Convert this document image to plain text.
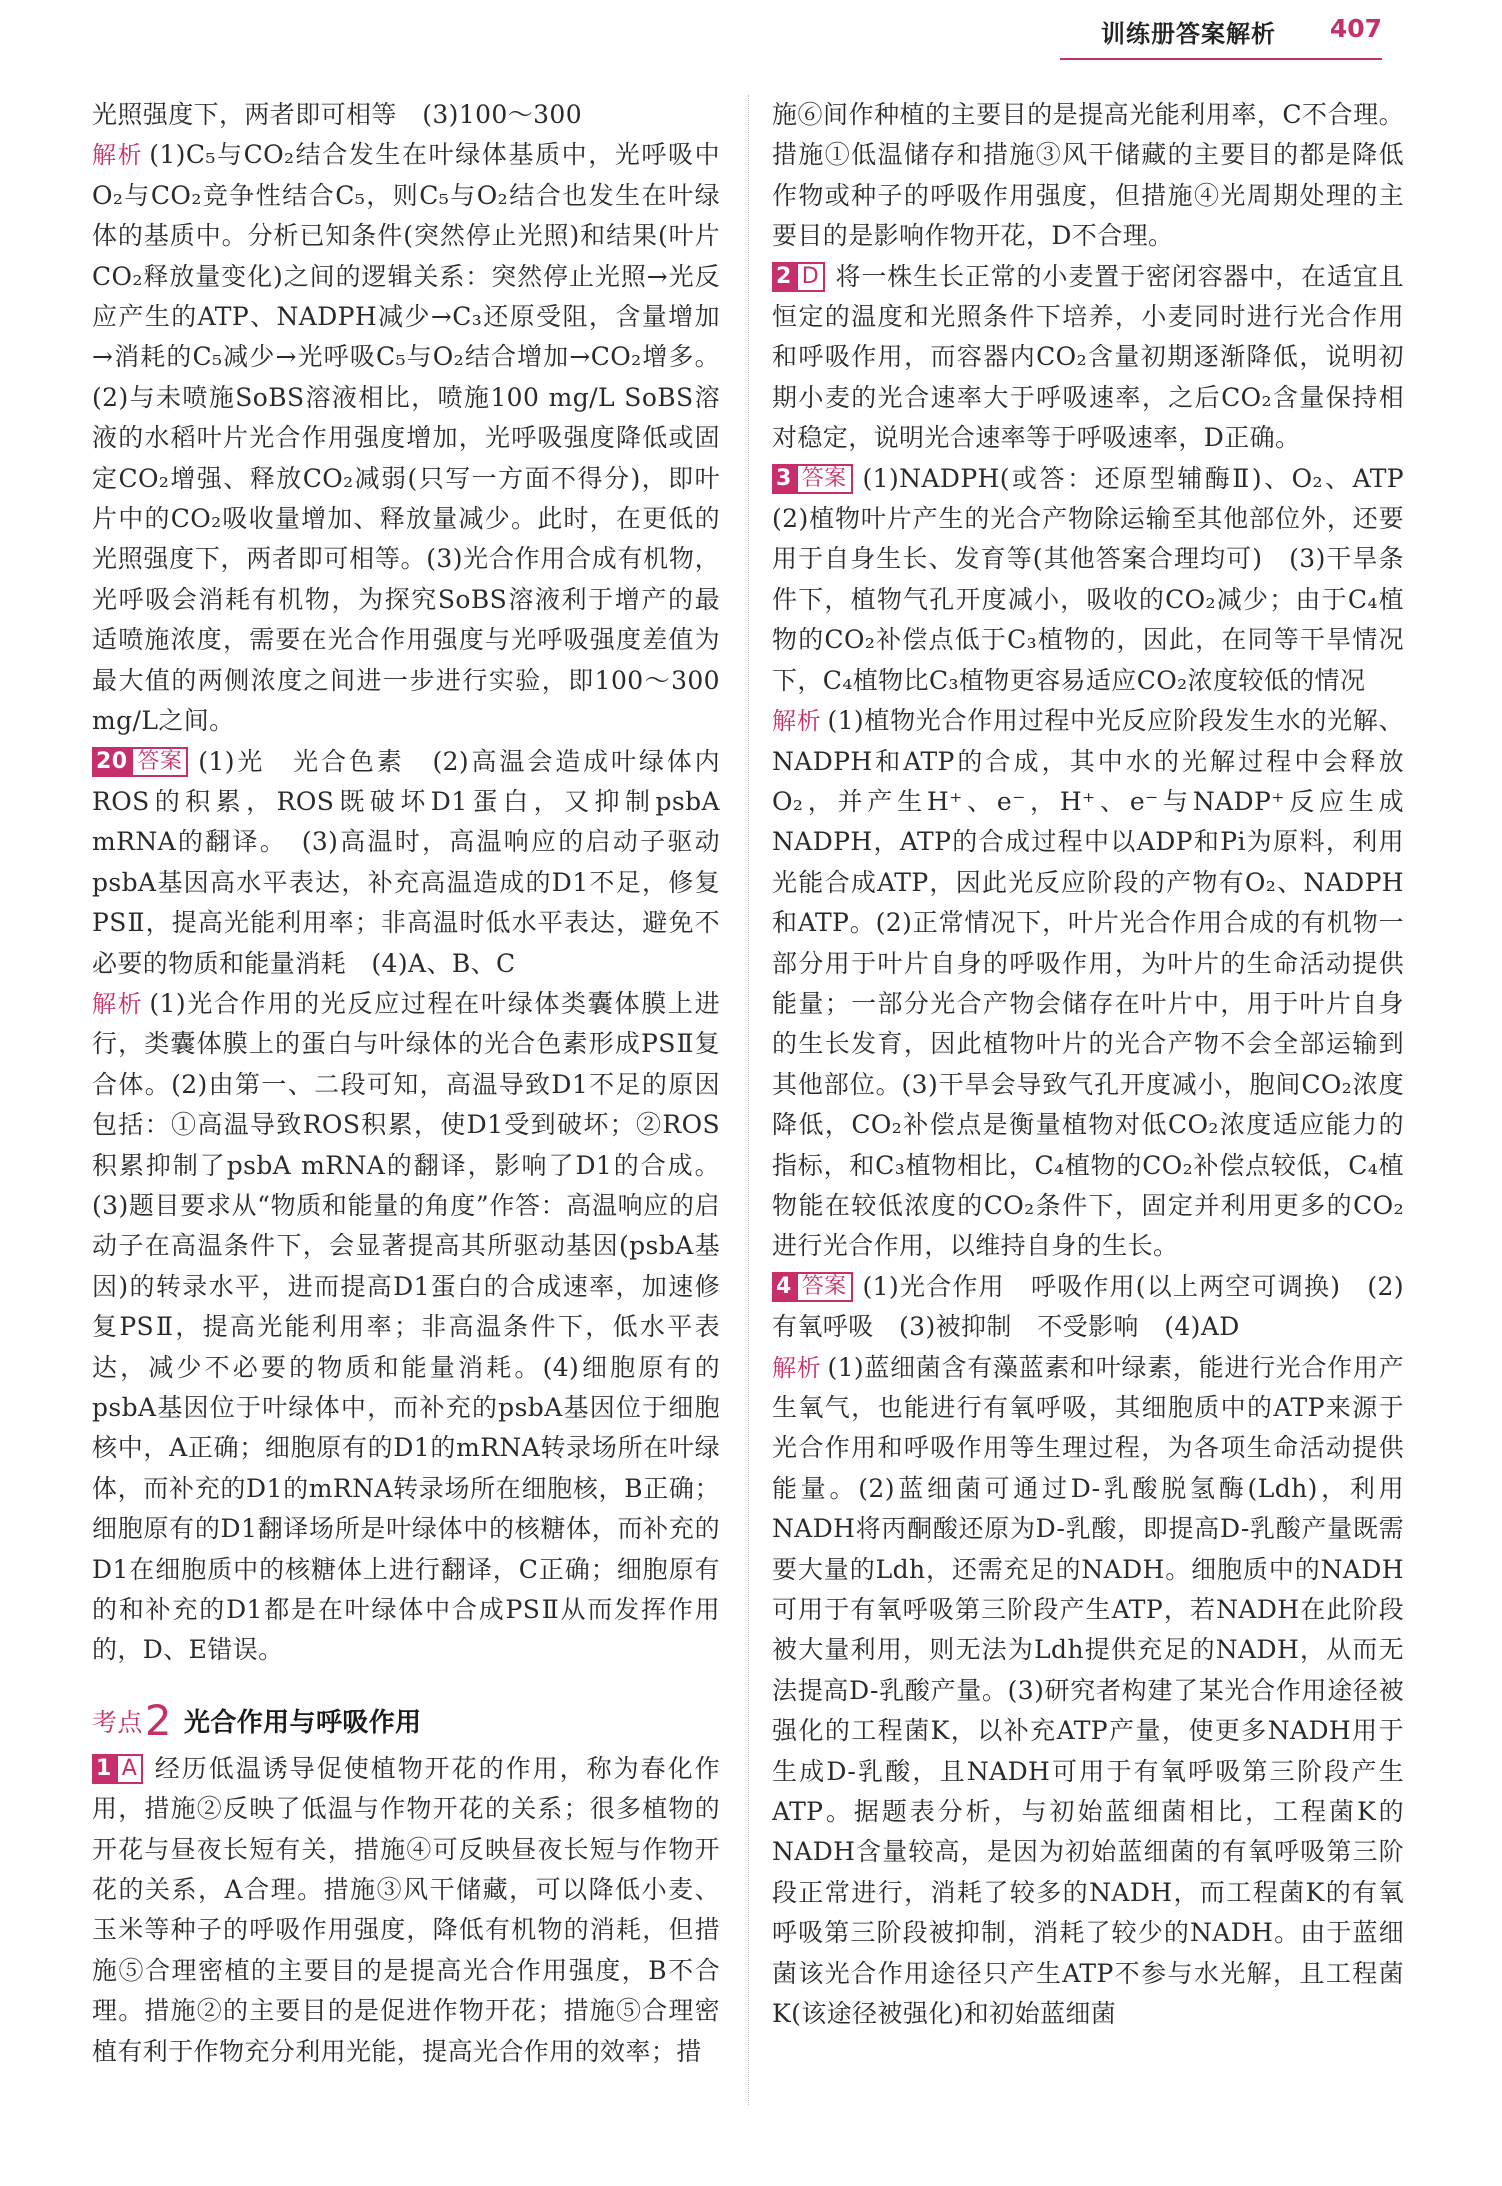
训练册答案解析 407

光照强度下，两者即可相等　(3)100～300

解析 (1)C₅与CO₂结合发生在叶绿体基质中，光呼吸中O₂与CO₂竞争性结合C₅，则C₅与O₂结合也发生在叶绿体的基质中。分析已知条件(突然停止光照)和结果(叶片CO₂释放量变化)之间的逻辑关系：突然停止光照→光反应产生的ATP、NADPH减少→C₃还原受阻，含量增加→消耗的C₅减少→光呼吸C₅与O₂结合增加→CO₂增多。(2)与未喷施SoBS溶液相比，喷施100 mg/L SoBS溶液的水稻叶片光合作用强度增加，光呼吸强度降低或固定CO₂增强、释放CO₂减弱(只写一方面不得分)，即叶片中的CO₂吸收量增加、释放量减少。此时，在更低的光照强度下，两者即可相等。(3)光合作用合成有机物，光呼吸会消耗有机物，为探究SoBS溶液利于增产的最适喷施浓度，需要在光合作用强度与光呼吸强度差值为最大值的两侧浓度之间进一步进行实验，即100～300 mg/L之间。

20 答案 (1)光　光合色素　(2)高温会造成叶绿体内ROS的积累，ROS既破坏D1蛋白，又抑制psbA mRNA的翻译。　(3)高温时，高温响应的启动子驱动psbA基因高水平表达，补充高温造成的D1不足，修复PSⅡ，提高光能利用率；非高温时低水平表达，避免不必要的物质和能量消耗　(4)A、B、C

解析 (1)光合作用的光反应过程在叶绿体类囊体膜上进行，类囊体膜上的蛋白与叶绿体的光合色素形成PSⅡ复合体。(2)由第一、二段可知，高温导致D1不足的原因包括：①高温导致ROS积累，使D1受到破坏；②ROS积累抑制了psbA mRNA的翻译，影响了D1的合成。(3)题目要求从“物质和能量的角度”作答：高温响应的启动子在高温条件下，会显著提高其所驱动基因(psbA基因)的转录水平，进而提高D1蛋白的合成速率，加速修复PSⅡ，提高光能利用率；非高温条件下，低水平表达，减少不必要的物质和能量消耗。(4)细胞原有的psbA基因位于叶绿体中，而补充的psbA基因位于细胞核中，A正确；细胞原有的D1的mRNA转录场所在叶绿体，而补充的D1的mRNA转录场所在细胞核，B正确；细胞原有的D1翻译场所是叶绿体中的核糖体，而补充的D1在细胞质中的核糖体上进行翻译，C正确；细胞原有的和补充的D1都是在叶绿体中合成PSⅡ从而发挥作用的，D、E错误。

考点2 光合作用与呼吸作用

1 A 经历低温诱导促使植物开花的作用，称为春化作用，措施②反映了低温与作物开花的关系；很多植物的开花与昼夜长短有关，措施④可反映昼夜长短与作物开花的关系，A合理。措施③风干储藏，可以降低小麦、玉米等种子的呼吸作用强度，降低有机物的消耗，但措施⑤合理密植的主要目的是提高光合作用强度，B不合理。措施②的主要目的是促进作物开花；措施⑤合理密植有利于作物充分利用光能，提高光合作用的效率；措

施⑥间作种植的主要目的是提高光能利用率，C不合理。措施①低温储存和措施③风干储藏的主要目的都是降低作物或种子的呼吸作用强度，但措施④光周期处理的主要目的是影响作物开花，D不合理。

2 D 将一株生长正常的小麦置于密闭容器中，在适宜且恒定的温度和光照条件下培养，小麦同时进行光合作用和呼吸作用，而容器内CO₂含量初期逐渐降低，说明初期小麦的光合速率大于呼吸速率，之后CO₂含量保持相对稳定，说明光合速率等于呼吸速率，D正确。

3 答案 (1)NADPH(或答：还原型辅酶Ⅱ)、O₂、ATP　(2)植物叶片产生的光合产物除运输至其他部位外，还要用于自身生长、发育等(其他答案合理均可)　(3)干旱条件下，植物气孔开度减小，吸收的CO₂减少；由于C₄植物的CO₂补偿点低于C₃植物的，因此，在同等干旱情况下，C₄植物比C₃植物更容易适应CO₂浓度较低的情况

解析 (1)植物光合作用过程中光反应阶段发生水的光解、NADPH和ATP的合成，其中水的光解过程中会释放O₂，并产生H⁺、e⁻，H⁺、e⁻与NADP⁺反应生成NADPH，ATP的合成过程中以ADP和Pi为原料，利用光能合成ATP，因此光反应阶段的产物有O₂、NADPH和ATP。(2)正常情况下，叶片光合作用合成的有机物一部分用于叶片自身的呼吸作用，为叶片的生命活动提供能量；一部分光合产物会储存在叶片中，用于叶片自身的生长发育，因此植物叶片的光合产物不会全部运输到其他部位。(3)干旱会导致气孔开度减小，胞间CO₂浓度降低，CO₂补偿点是衡量植物对低CO₂浓度适应能力的指标，和C₃植物相比，C₄植物的CO₂补偿点较低，C₄植物能在较低浓度的CO₂条件下，固定并利用更多的CO₂进行光合作用，以维持自身的生长。

4 答案 (1)光合作用　呼吸作用(以上两空可调换)　(2)有氧呼吸　(3)被抑制　不受影响　(4)AD

解析 (1)蓝细菌含有藻蓝素和叶绿素，能进行光合作用产生氧气，也能进行有氧呼吸，其细胞质中的ATP来源于光合作用和呼吸作用等生理过程，为各项生命活动提供能量。(2)蓝细菌可通过D-乳酸脱氢酶(Ldh)，利用NADH将丙酮酸还原为D-乳酸，即提高D-乳酸产量既需要大量的Ldh，还需充足的NADH。细胞质中的NADH可用于有氧呼吸第三阶段产生ATP，若NADH在此阶段被大量利用，则无法为Ldh提供充足的NADH，从而无法提高D-乳酸产量。(3)研究者构建了某光合作用途径被强化的工程菌K，以补充ATP产量，使更多NADH用于生成D-乳酸，且NADH可用于有氧呼吸第三阶段产生ATP。据题表分析，与初始蓝细菌相比，工程菌K的NADH含量较高，是因为初始蓝细菌的有氧呼吸第三阶段正常进行，消耗了较多的NADH，而工程菌K的有氧呼吸第三阶段被抑制，消耗了较少的NADH。由于蓝细菌该光合作用途径只产生ATP不参与水光解，且工程菌K(该途径被强化)和初始蓝细菌
